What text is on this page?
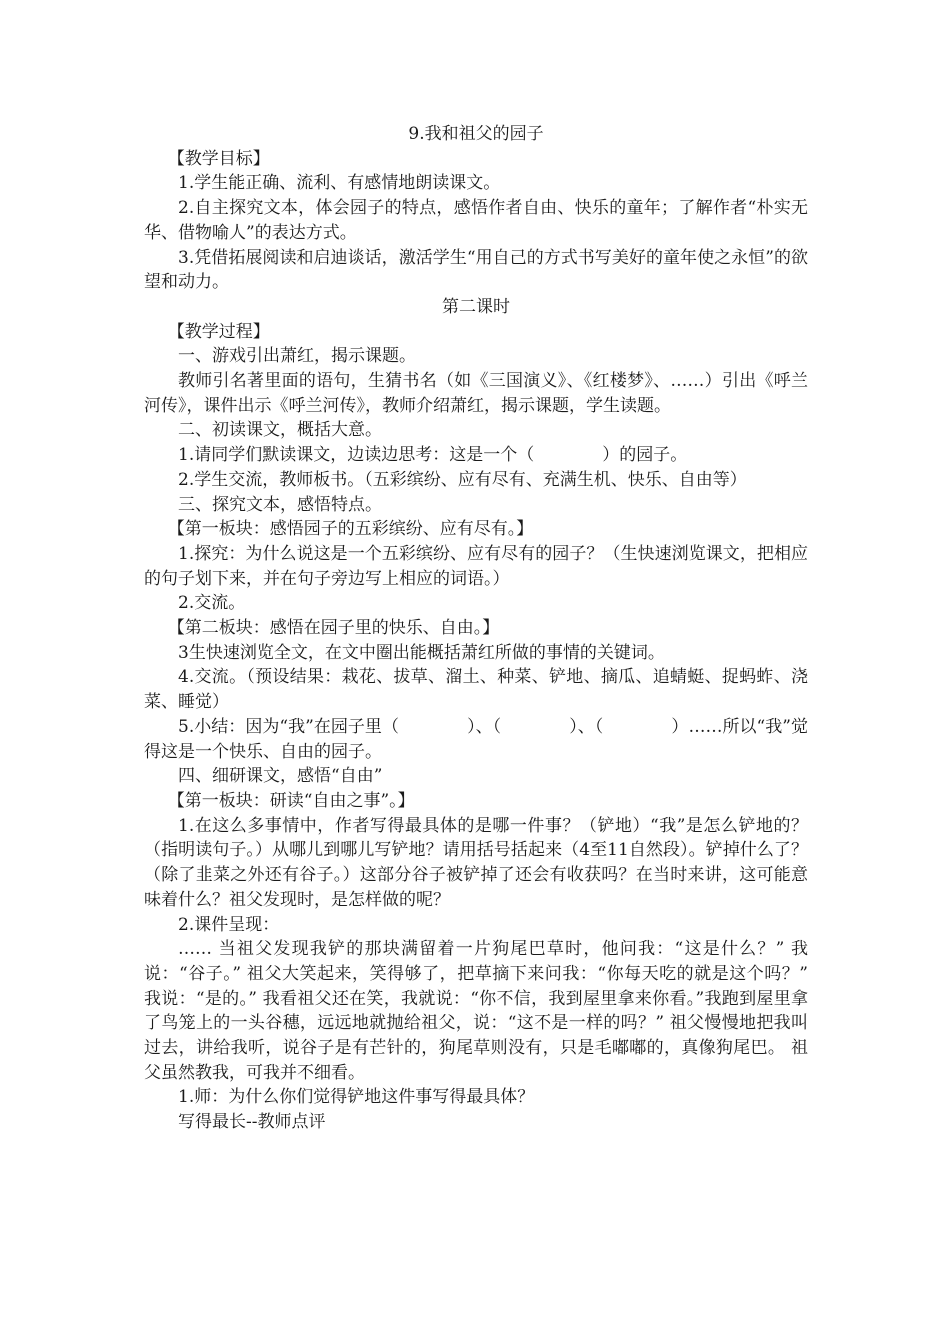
9.我和祖父的园子

【教学目标】

1.学生能正确、流利、有感情地朗读课文。

2.自主探究文本，体会园子的特点，感悟作者自由、快乐的童年；了解作者“朴实无华、借物喻人”的表达方式。

3.凭借拓展阅读和启迪谈话，激活学生“用自己的方式书写美好的童年使之永恒”的欲望和动力。

第二课时

【教学过程】

一、游戏引出萧红，揭示课题。

教师引名著里面的语句，生猜书名（如《三国演义》、《红楼梦》、……）引出《呼兰河传》，课件出示《呼兰河传》，教师介绍萧红，揭示课题，学生读题。

二、初读课文，概括大意。

1.请同学们默读课文，边读边思考：这是一个（　　　　）的园子。

2.学生交流，教师板书。（五彩缤纷、应有尽有、充满生机、快乐、自由等）

三、探究文本，感悟特点。

【第一板块：感悟园子的五彩缤纷、应有尽有。】

1.探究：为什么说这是一个五彩缤纷、应有尽有的园子？（生快速浏览课文，把相应的句子划下来，并在句子旁边写上相应的词语。）

2.交流。

【第二板块：感悟在园子里的快乐、自由。】

3生快速浏览全文，在文中圈出能概括萧红所做的事情的关键词。

4.交流。（预设结果：栽花、拔草、溜土、种菜、铲地、摘瓜、追蜻蜓、捉蚂蚱、浇菜、睡觉）

5.小结：因为“我”在园子里（　　　　）、（　　　　）、（　　　　）……所以“我”觉得这是一个快乐、自由的园子。

四、细研课文，感悟“自由”

【第一板块：研读“自由之事”。】

1.在这么多事情中，作者写得最具体的是哪一件事？（铲地）“我”是怎么铲地的？（指明读句子。）从哪儿到哪儿写铲地？请用括号括起来（4至11自然段）。铲掉什么了？（除了韭菜之外还有谷子。）这部分谷子被铲掉了还会有收获吗？在当时来讲，这可能意味着什么？祖父发现时，是怎样做的呢？

2.课件呈现：

…… 当祖父发现我铲的那块满留着一片狗尾巴草时，他问我：“这是什么？” 我说：“谷子。” 祖父大笑起来，笑得够了，把草摘下来问我：“你每天吃的就是这个吗？” 我说：“是的。” 我看祖父还在笑，我就说：“你不信，我到屋里拿来你看。”我跑到屋里拿了鸟笼上的一头谷穗，远远地就抛给祖父，说：“这不是一样的吗？” 祖父慢慢地把我叫过去，讲给我听，说谷子是有芒针的，狗尾草则没有，只是毛嘟嘟的，真像狗尾巴。 祖父虽然教我，可我并不细看。

1.师：为什么你们觉得铲地这件事写得最具体？

写得最长--教师点评
